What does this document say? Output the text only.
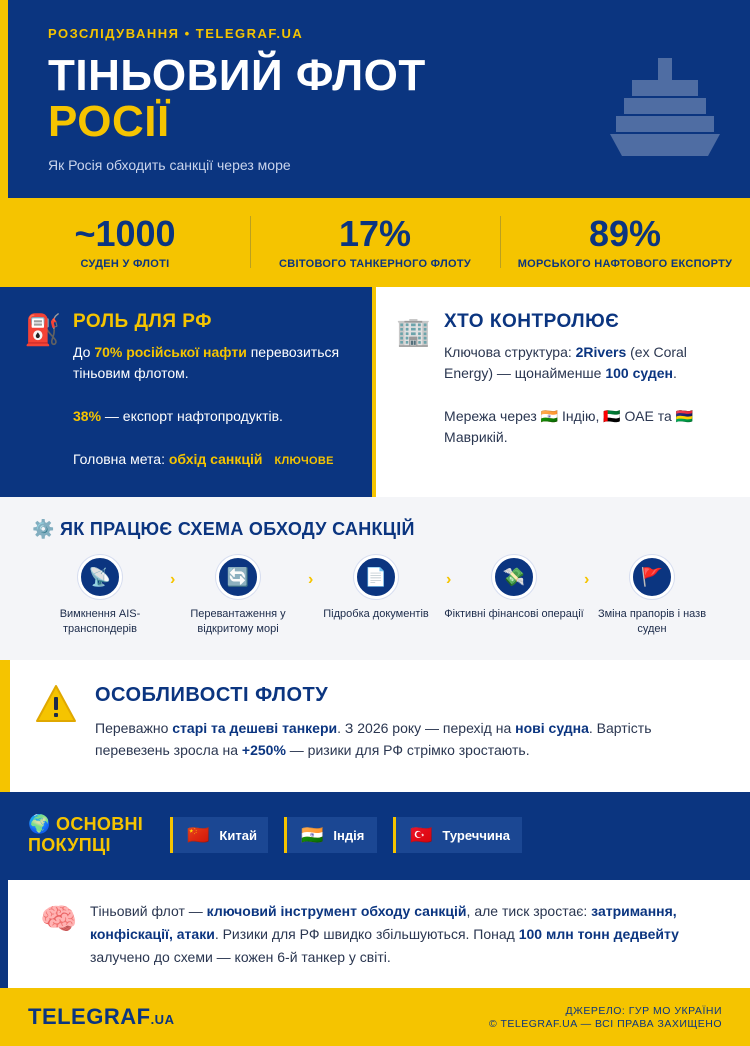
РОЗСЛІДУВАННЯ • TELEGRAF.UA
ТІНЬОВИЙ ФЛОТ
РОСІЇ
Як Росія обходить санкції через море
~1000
СУДЕН У ФЛОТІ
17%
СВІТОВОГО ТАНКЕРНОГО ФЛОТУ
89%
МОРСЬКОГО НАФТОВОГО ЕКСПОРТУ
⛽ РОЛЬ ДЛЯ РФ

До 70% російської нафти перевозиться тіньовим флотом.

38% — експорт нафтопродуктів.

Головна мета: обхід санкцій КЛЮЧОВЕ

🏢 ХТО КОНТРОЛЮЄ

Ключова структура: 2Rivers (ex Coral Energy) — щонайменше 100 суден.

Мережа через 🇮🇳 Індію, 🇦🇪 ОАЕ та 🇲🇺 Маврикій.

⚙️ ЯК ПРАЦЮЄ СХЕМА ОБХОДУ САНКЦІЙ
📡
Вимкнення AIS-транспондерів
›	🔄
Перевантаження у відкритому морі
›	📄
Підробка документів
›	💸
Фіктивні фінансові операції
›	🚩
Зміна прапорів і назв суден
ОСОБЛИВОСТІ ФЛОТУ

Переважно старі та дешеві танкери. З 2026 року — перехід на нові судна. Вартість перевезень зросла на +250% — ризики для РФ стрімко зростають.

🌍 ОСНОВНІ
ПОКУПЦІ
🇨🇳 Китай 🇮🇳 Індія	🇹🇷 Туреччина
🧠 Тіньовий флот — ключовий інструмент обходу санкцій, але тиск зростає: затримання, конфіскації, атаки. Ризики для РФ швидко збільшуються. Понад 100 млн тонн дедвейту залучено до схеми — кожен 6-й танкер у світі.

TELEGRAF.UA
ДЖЕРЕЛО: ГУР МО УКРАЇНИ
© TELEGRAF.UA — ВСІ ПРАВА ЗАХИЩЕНО
